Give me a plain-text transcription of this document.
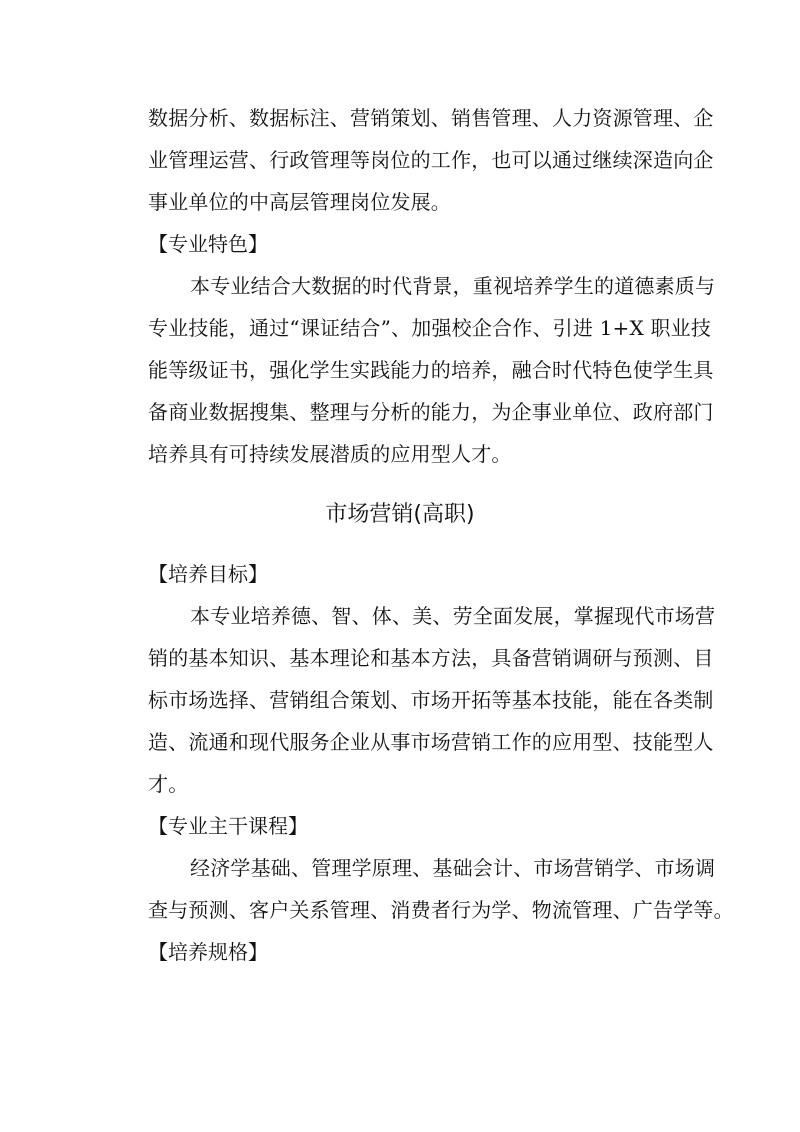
数据分析、数据标注、营销策划、销售管理、人力资源管理、企
业管理运营、行政管理等岗位的工作，也可以通过继续深造向企
事业单位的中高层管理岗位发展。
【专业特色】
本专业结合大数据的时代背景，重视培养学生的道德素质与
专业技能，通过“课证结合”、加强校企合作、引进 1+X 职业技
能等级证书，强化学生实践能力的培养，融合时代特色使学生具
备商业数据搜集、整理与分析的能力，为企事业单位、政府部门
培养具有可持续发展潜质的应用型人才。
市场营销(高职)
【培养目标】
本专业培养德、智、体、美、劳全面发展，掌握现代市场营
销的基本知识、基本理论和基本方法，具备营销调研与预测、目
标市场选择、营销组合策划、市场开拓等基本技能，能在各类制
造、流通和现代服务企业从事市场营销工作的应用型、技能型人
才。
【专业主干课程】
经济学基础、管理学原理、基础会计、市场营销学、市场调
查与预测、客户关系管理、消费者行为学、物流管理、广告学等。
【培养规格】
